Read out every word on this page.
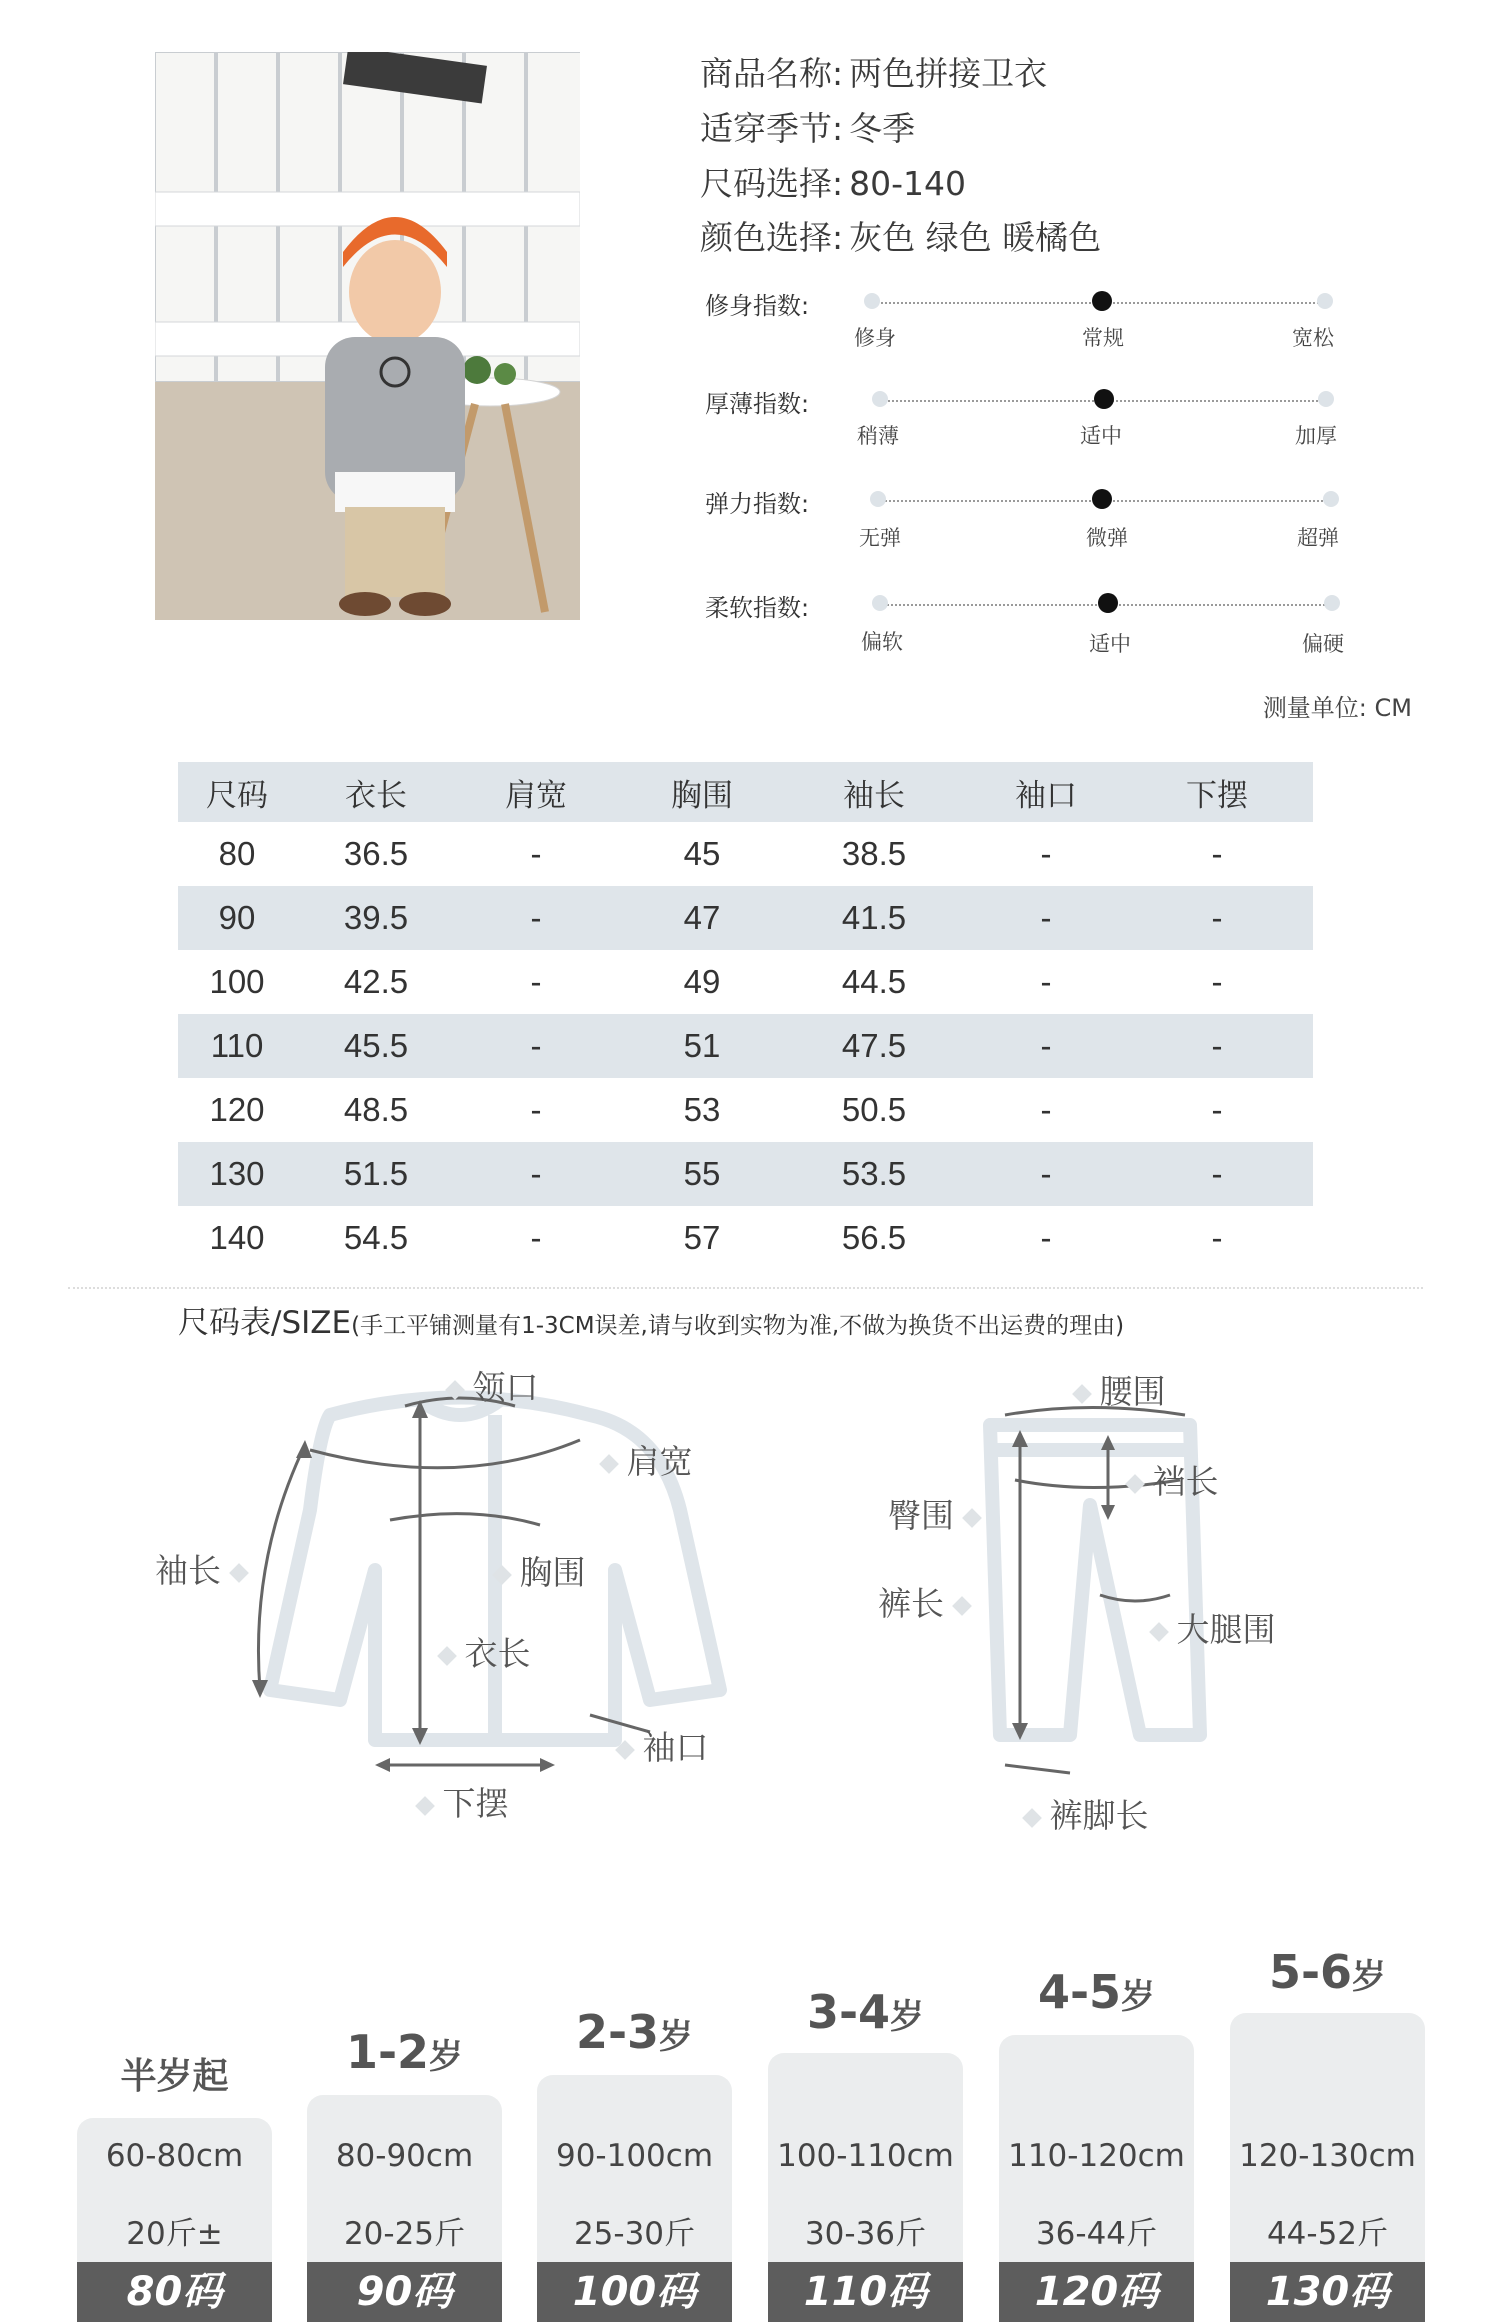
商品名称: 两色拼接卫衣
适穿季节: 冬季
尺码选择: 80-140
颜色选择: 灰色 绿色 暖橘色
修身指数:
修身	常规	宽松
厚薄指数:
稍薄	适中	加厚
弹力指数:
无弹	微弹	超弹
柔软指数:
偏软	适中	偏硬
测量单位: CM
尺码	衣长	肩宽	胸围	袖长	袖口	下摆
80	36.5	-	45	38.5	-	-
90	39.5	-	47	41.5	-	-
100	42.5	-	49	44.5	-	-
110	45.5	-	51	47.5	-	-
120	48.5	-	53	50.5	-	-
130	51.5	-	55	53.5	-	-
140	54.5	-	57	56.5	-	-
尺码表/SIZE(手工平铺测量有1-3CM误差,请与收到实物为准,不做为换货不出运费的理由)
领口
肩宽
袖长	胸围
衣长
袖口
下摆
腰围
裆长
臀围
裤长
大腿围
裤脚长
半岁起
60-80cm
20斤±
80码
1-2岁
80-90cm
20-25斤
90码
2-3岁
90-100cm
25-30斤
100码
3-4岁
100-110cm
30-36斤
110码
4-5岁
110-120cm
36-44斤
120码
5-6岁
120-130cm
44-52斤
130码
